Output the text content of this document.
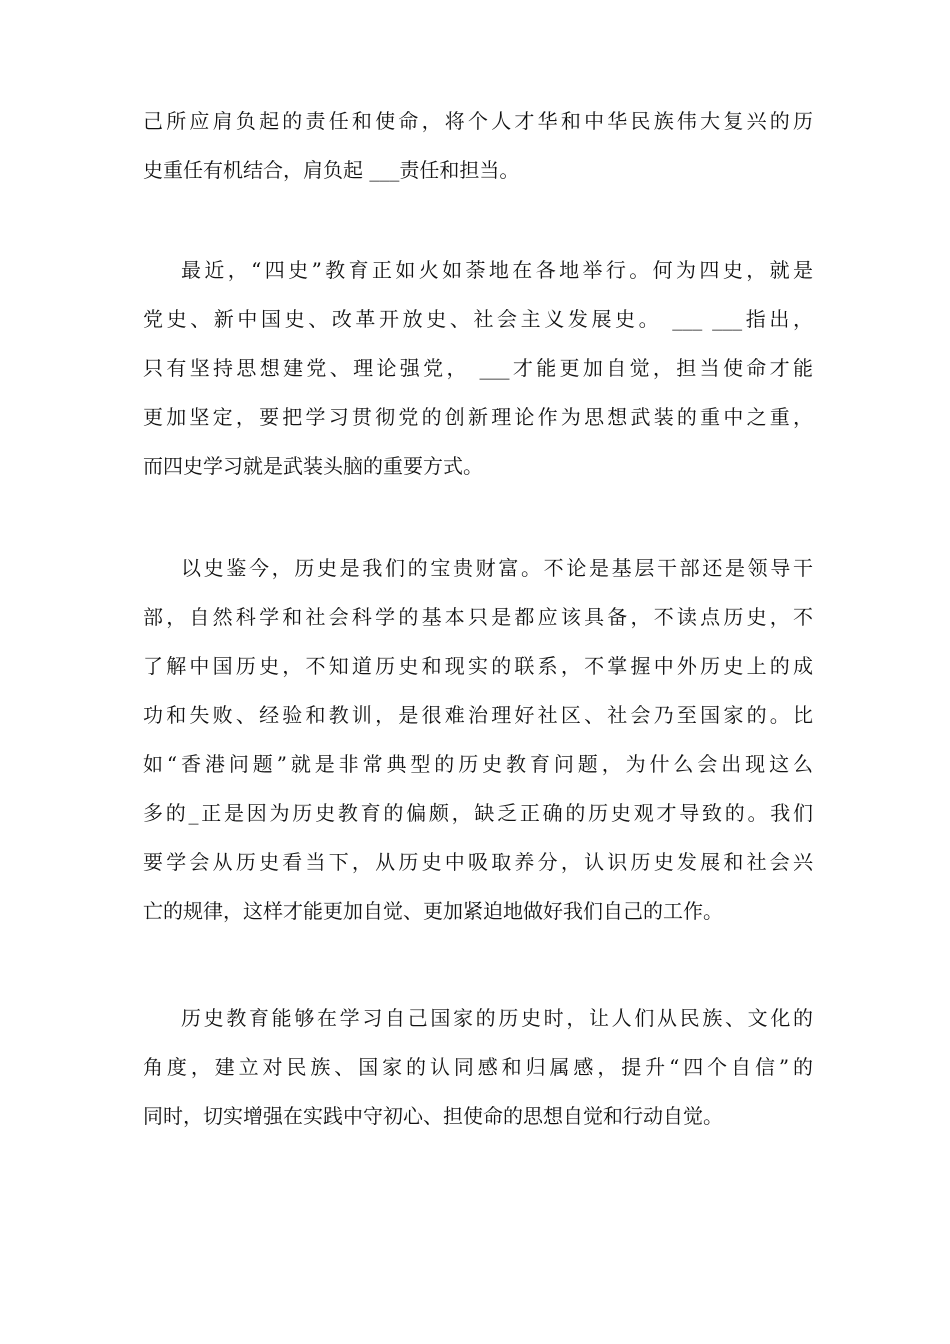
己所应肩负起的责任和使命，将个人才华和中华民族伟大复兴的历
史重任有机结合，肩负起 ___责任和担当。
最近，“四史”教育正如火如荼地在各地举行。何为四史，就是
党史、新中国史、改革开放史、社会主义发展史。 ___ ___指出，
只有坚持思想建党、理论强党， ___才能更加自觉，担当使命才能
更加坚定，要把学习贯彻党的创新理论作为思想武装的重中之重，
而四史学习就是武装头脑的重要方式。
以史鉴今，历史是我们的宝贵财富。不论是基层干部还是领导干
部，自然科学和社会科学的基本只是都应该具备，不读点历史，不
了解中国历史，不知道历史和现实的联系，不掌握中外历史上的成
功和失败、经验和教训，是很难治理好社区、社会乃至国家的。比
如“香港问题”就是非常典型的历史教育问题，为什么会出现这么
多的_正是因为历史教育的偏颇，缺乏正确的历史观才导致的。我们
要学会从历史看当下，从历史中吸取养分，认识历史发展和社会兴
亡的规律，这样才能更加自觉、更加紧迫地做好我们自己的工作。
历史教育能够在学习自己国家的历史时，让人们从民族、文化的
角度，建立对民族、国家的认同感和归属感，提升“四个自信”的
同时，切实增强在实践中守初心、担使命的思想自觉和行动自觉。
